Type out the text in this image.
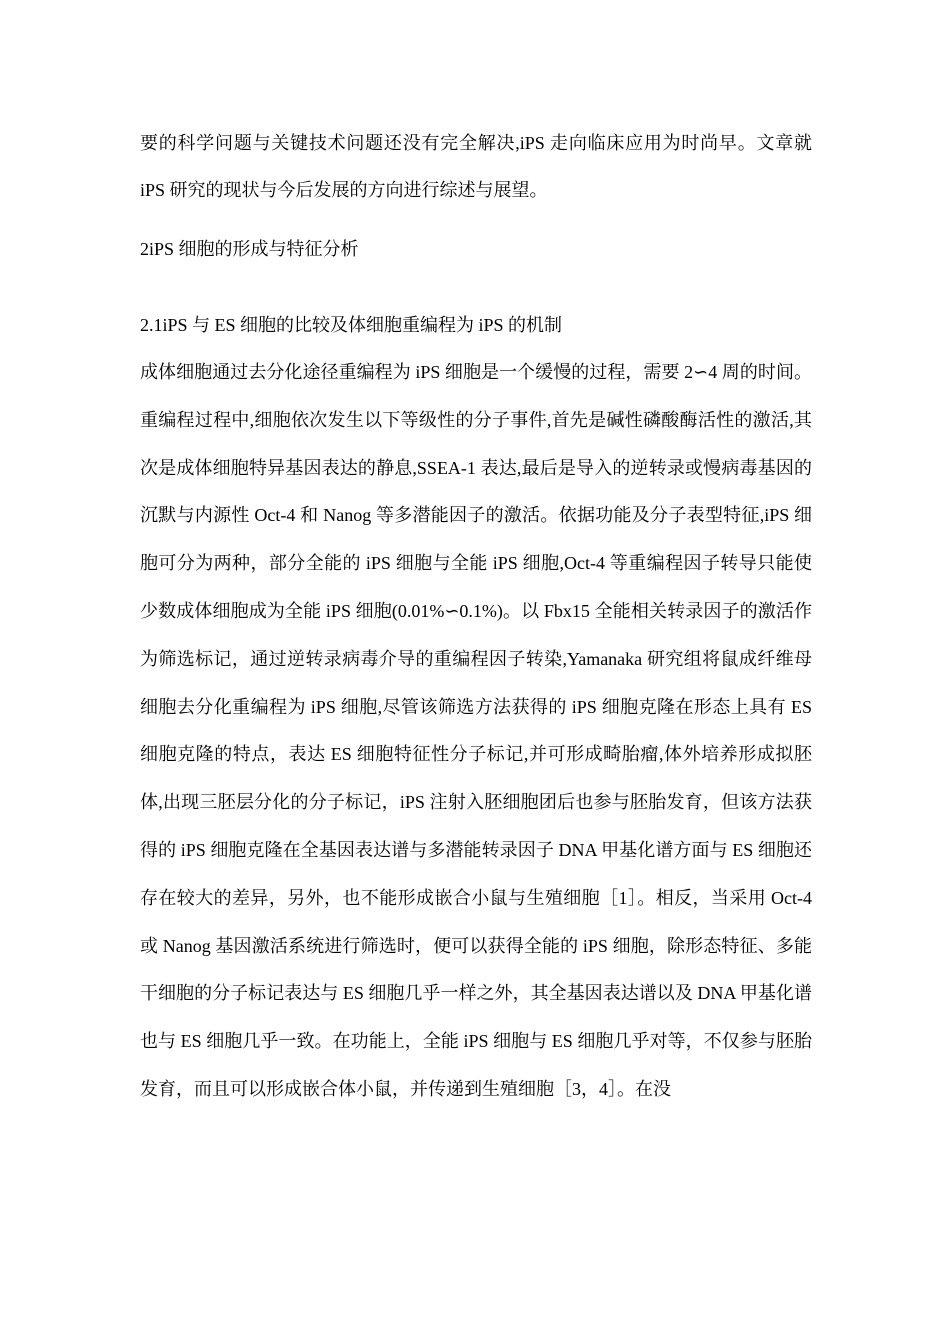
要的科学问题与关键技术问题还没有完全解决,iPS 走向临床应用为时尚早。文章就 iPS 研究的现状与今后发展的方向进行综述与展望。

2iPS 细胞的形成与特征分析

2.1iPS 与 ES 细胞的比较及体细胞重编程为 iPS 的机制

成体细胞通过去分化途径重编程为 iPS 细胞是一个缓慢的过程，需要 2∽4 周的时间。重编程过程中,细胞依次发生以下等级性的分子事件,首先是碱性磷酸酶活性的激活,其次是成体细胞特异基因表达的静息,SSEA-1 表达,最后是导入的逆转录或慢病毒基因的沉默与内源性 Oct-4 和 Nanog 等多潜能因子的激活。依据功能及分子表型特征,iPS 细胞可分为两种，部分全能的 iPS 细胞与全能 iPS 细胞,Oct-4 等重编程因子转导只能使少数成体细胞成为全能 iPS 细胞(0.01%∽0.1%)。以 Fbx15 全能相关转录因子的激活作为筛选标记，通过逆转录病毒介导的重编程因子转染,Yamanaka 研究组将鼠成纤维母细胞去分化重编程为 iPS 细胞,尽管该筛选方法获得的 iPS 细胞克隆在形态上具有 ES 细胞克隆的特点，表达 ES 细胞特征性分子标记,并可形成畸胎瘤,体外培养形成拟胚体,出现三胚层分化的分子标记，iPS 注射入胚细胞团后也参与胚胎发育，但该方法获得的 iPS 细胞克隆在全基因表达谱与多潜能转录因子 DNA 甲基化谱方面与 ES 细胞还存在较大的差异，另外，也不能形成嵌合小鼠与生殖细胞［1］。相反，当采用 Oct-4 或 Nanog 基因激活系统进行筛选时，便可以获得全能的 iPS 细胞，除形态特征、多能干细胞的分子标记表达与 ES 细胞几乎一样之外，其全基因表达谱以及 DNA 甲基化谱也与 ES 细胞几乎一致。在功能上，全能 iPS 细胞与 ES 细胞几乎对等，不仅参与胚胎发育，而且可以形成嵌合体小鼠，并传递到生殖细胞［3，4］。在没
